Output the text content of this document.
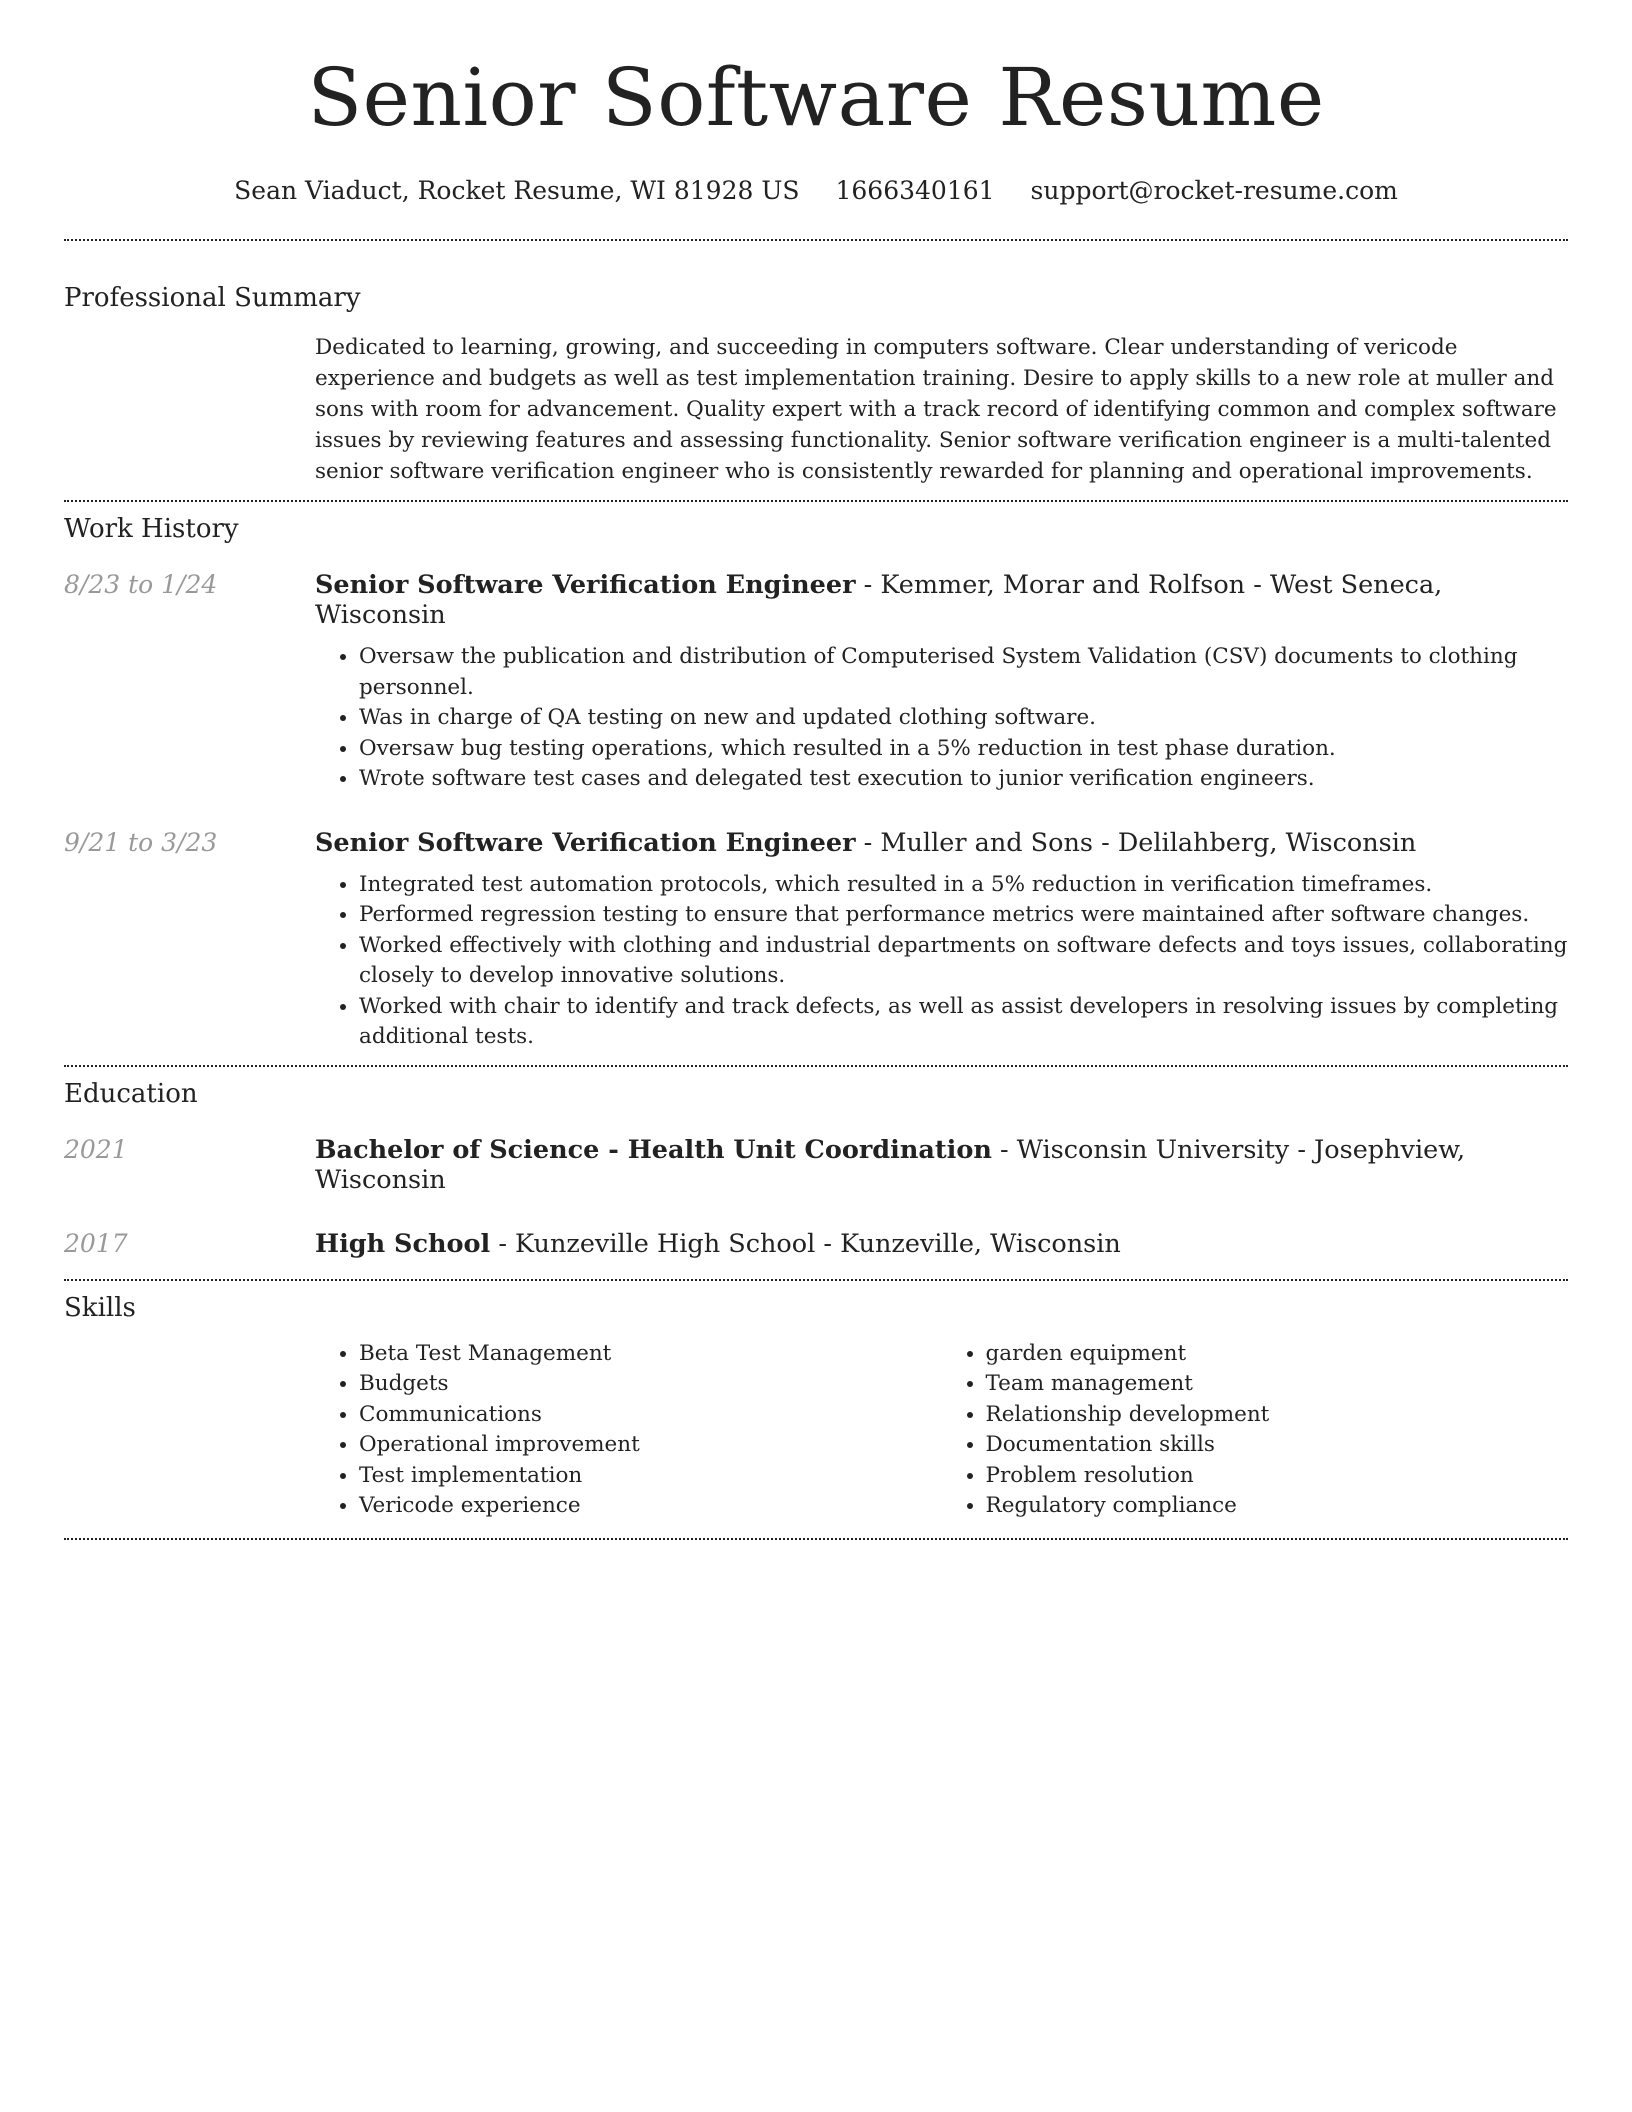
Senior Software Resume
Sean Viaduct, Rocket Resume, WI 81928 US 1666340161 support@rocket-resume.com
Professional Summary

Dedicated to learning, growing, and succeeding in computers software. Clear understanding of vericode experience and budgets as well as test implementation training. Desire to apply skills to a new role at muller and sons with room for advancement. Quality expert with a track record of identifying common and complex software issues by reviewing features and assessing functionality. Senior software verification engineer is a multi-talented senior software verification engineer who is consistently rewarded for planning and operational improvements.

Work History
8/23 to 1/24	Senior Software Verification Engineer - Kemmer, Morar and Rolfson - West Seneca, Wisconsin
• Oversaw the publication and distribution of Computerised System Validation (CSV) documents to clothing personnel.
• Was in charge of QA testing on new and updated clothing software.
• Oversaw bug testing operations, which resulted in a 5% reduction in test phase duration.
• Wrote software test cases and delegated test execution to junior verification engineers.
9/21 to 3/23	Senior Software Verification Engineer - Muller and Sons - Delilahberg, Wisconsin
• Integrated test automation protocols, which resulted in a 5% reduction in verification timeframes.
• Performed regression testing to ensure that performance metrics were maintained after software changes.
• Worked effectively with clothing and industrial departments on software defects and toys issues, collaborating closely to develop innovative solutions.
• Worked with chair to identify and track defects, as well as assist developers in resolving issues by completing additional tests.
Education
2021	Bachelor of Science - Health Unit Coordination - Wisconsin University - Josephview, Wisconsin
2017	High School - Kunzeville High School - Kunzeville, Wisconsin
Skills
• Beta Test Management
• Budgets
• Communications
• Operational improvement
• Test implementation
• Vericode experience
• garden equipment
• Team management
• Relationship development
• Documentation skills
• Problem resolution
• Regulatory compliance
